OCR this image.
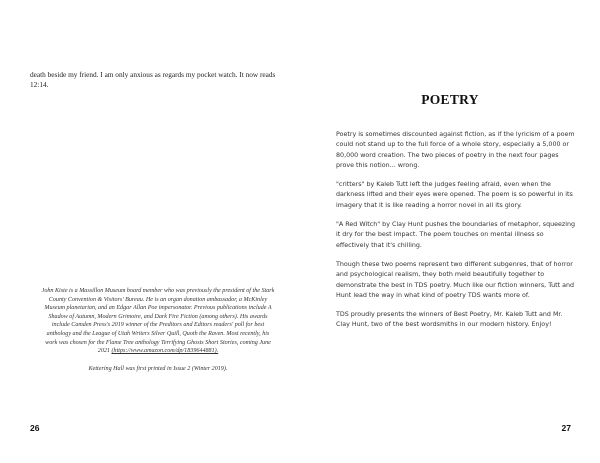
death beside my friend. I am only anxious as regards my pocket watch. It now reads 12:14.

John Kiste is a Massillon Museum board member who was previously the president of the Stark County Convention & Visitors' Bureau. He is an organ donation ambassador, a McKinley Museum planetarian, and an Edgar Allan Poe impersonator. Previous publications include A Shadow of Autumn, Modern Grimoire, and Dark Fire Fiction (among others). His awards include Camden Press's 2019 winner of the Preditors and Editors readers' poll for best anthology and the League of Utah Writers Silver Quill, Quoth the Raven. Most recently, his work was chosen for the Flame Tree anthology Terrifying Ghosts Short Stories, coming June 2021 (https://www.amazon.com/dp/1839644881).

Kettering Hall was first printed in Issue 2 (Winter 2019).

26
POETRY

Poetry is sometimes discounted against fiction, as if the lyricism of a poem could not stand up to the full force of a whole story, especially a 5,000 or 80,000 word creation. The two pieces of poetry in the next four pages prove this notion... wrong.

"critters" by Kaleb Tutt left the judges feeling afraid, even when the darkness lifted and their eyes were opened. The poem is so powerful in its imagery that it is like reading a horror novel in all its glory.

"A Red Witch" by Clay Hunt pushes the boundaries of metaphor, squeezing it dry for the best impact. The poem touches on mental illness so effectively that it's chilling.

Though these two poems represent two different subgenres, that of horror and psychological realism, they both meld beautifully together to demonstrate the best in TDS poetry. Much like our fiction winners, Tutt and Hunt lead the way in what kind of poetry TDS wants more of.

TDS proudly presents the winners of Best Poetry, Mr. Kaleb Tutt and Mr. Clay Hunt, two of the best wordsmiths in our modern history. Enjoy!

27
